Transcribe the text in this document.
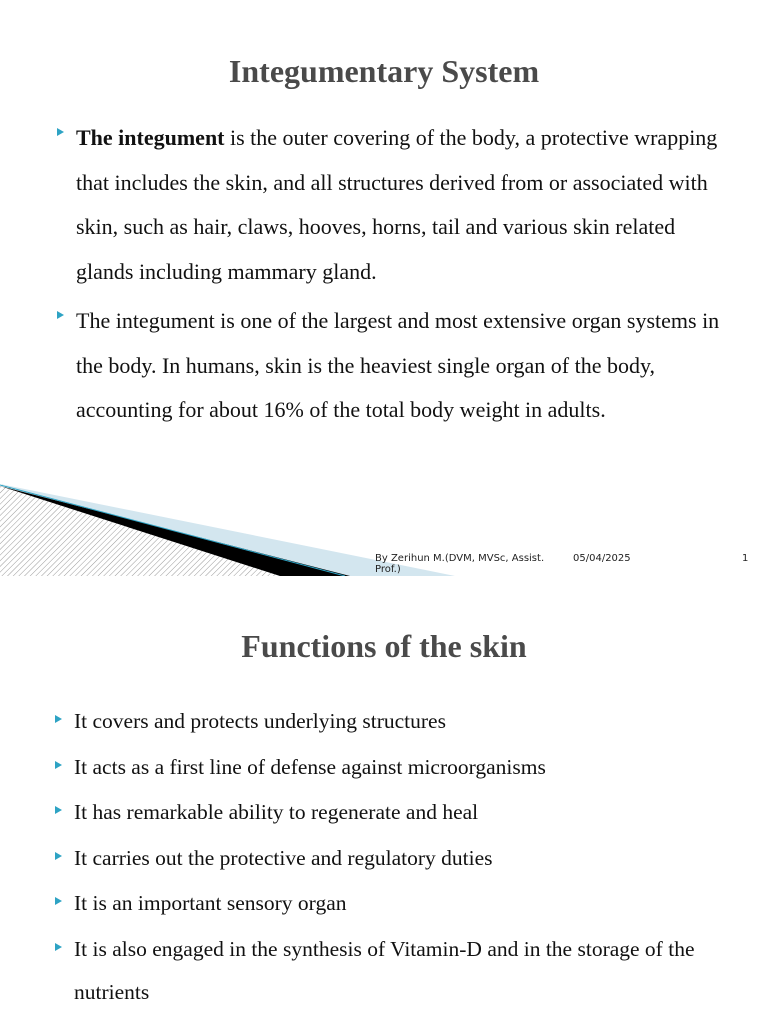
Integumentary System
The integument is the outer covering of the body, a protective wrapping that includes the skin, and all structures derived from or associated with skin, such as hair, claws, hooves, horns, tail and various skin related glands including mammary gland.
The integument is one of the largest and most extensive organ systems in the body. In humans, skin is the heaviest single organ of the body, accounting for about 16% of the total body weight in adults.
By Zerihun M.(DVM, MVSc, Assist. Prof.)
05/04/2025	1
Functions of the skin
It covers and protects underlying structures
It acts as a first line of defense against microorganisms
It has remarkable ability to regenerate and heal
It carries out the protective and regulatory duties
It is an important sensory organ
It is also engaged in the synthesis of Vitamin-D and in the storage of the nutrients
